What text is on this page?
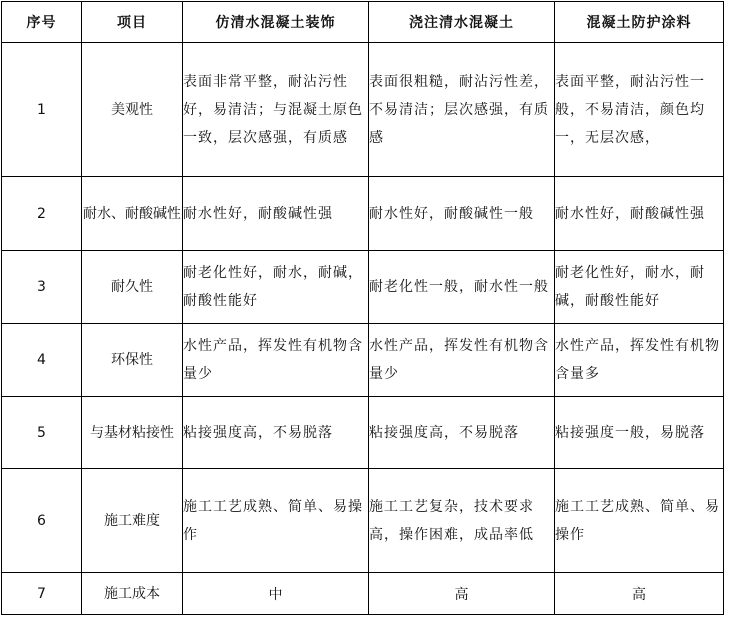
序号	项目	仿清水混凝土装饰	浇注清水混凝土	混凝土防护涂料
1	美观性	表面非常平整，耐沾污性好，易清洁；与混凝土原色一致，层次感强，有质感	表面很粗糙，耐沾污性差，不易清洁；层次感强，有质感	表面平整，耐沾污性一般，不易清洁，颜色均一，无层次感，
2	耐水、耐酸碱性	耐水性好，耐酸碱性强	耐水性好，耐酸碱性一般	耐水性好，耐酸碱性强
3	耐久性	耐老化性好，耐水，耐碱，耐酸性能好	耐老化性一般，耐水性一般	耐老化性好，耐水，耐碱，耐酸性能好
4	环保性	水性产品，挥发性有机物含量少	水性产品，挥发性有机物含量少	水性产品，挥发性有机物含量多
5	与基材粘接性	粘接强度高，不易脱落	粘接强度高，不易脱落	粘接强度一般，易脱落
6	施工难度	施工工艺成熟、简单、易操作	施工工艺复杂，技术要求高，操作困难，成品率低	施工工艺成熟、简单、易操作
7	施工成本	中	高	高
